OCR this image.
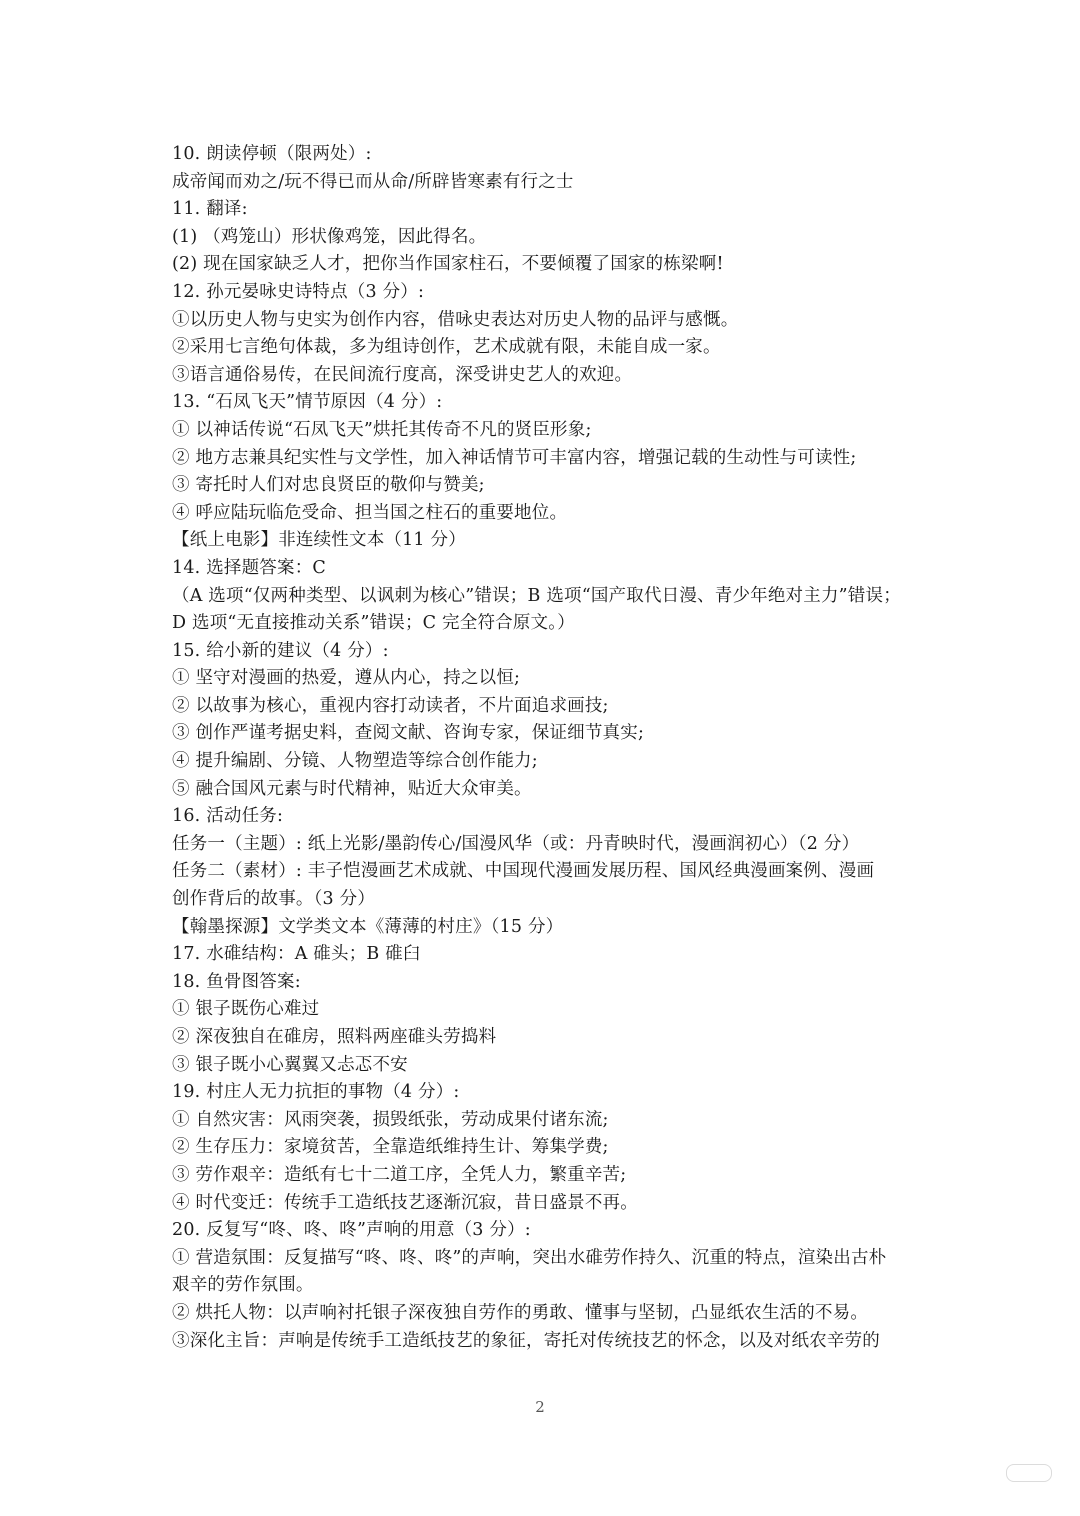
10. 朗读停顿（限两处）:
成帝闻而劝之/玩不得已而从命/所辟皆寒素有行之士
11. 翻译:
(1) （鸡笼山）形状像鸡笼，因此得名。
(2) 现在国家缺乏人才，把你当作国家柱石，不要倾覆了国家的栋梁啊!
12. 孙元晏咏史诗特点（3 分）:
①以历史人物与史实为创作内容，借咏史表达对历史人物的品评与感慨。
②采用七言绝句体裁，多为组诗创作，艺术成就有限，未能自成一家。
③语言通俗易传，在民间流行度高，深受讲史艺人的欢迎。
13. “石凤飞天”情节原因（4 分）:
① 以神话传说“石凤飞天”烘托其传奇不凡的贤臣形象;
② 地方志兼具纪实性与文学性，加入神话情节可丰富内容，增强记载的生动性与可读性;
③ 寄托时人们对忠良贤臣的敬仰与赞美;
④ 呼应陆玩临危受命、担当国之柱石的重要地位。
【纸上电影】非连续性文本（11 分）
14. 选择题答案：C
（A 选项“仅两种类型、以讽刺为核心”错误；B 选项“国产取代日漫、青少年绝对主力”错误；
D 选项“无直接推动关系”错误；C 完全符合原文。）
15. 给小新的建议（4 分）:
① 坚守对漫画的热爱，遵从内心，持之以恒;
② 以故事为核心，重视内容打动读者，不片面追求画技;
③ 创作严谨考据史料，查阅文献、咨询专家，保证细节真实;
④ 提升编剧、分镜、人物塑造等综合创作能力;
⑤ 融合国风元素与时代精神，贴近大众审美。
16. 活动任务:
任务一（主题）: 纸上光影/墨韵传心/国漫风华（或：丹青映时代，漫画润初心）（2 分）
任务二（素材）: 丰子恺漫画艺术成就、中国现代漫画发展历程、国风经典漫画案例、漫画
创作背后的故事。（3 分）
【翰墨探源】文学类文本《薄薄的村庄》（15 分）
17. 水碓结构：A 碓头；B 碓臼
18. 鱼骨图答案:
① 银子既伤心难过
② 深夜独自在碓房，照料两座碓头劳捣料
③ 银子既小心翼翼又忐忑不安
19. 村庄人无力抗拒的事物（4 分）:
① 自然灾害：风雨突袭，损毁纸张，劳动成果付诸东流;
② 生存压力：家境贫苦，全靠造纸维持生计、筹集学费;
③ 劳作艰辛：造纸有七十二道工序，全凭人力，繁重辛苦;
④ 时代变迁：传统手工造纸技艺逐渐沉寂，昔日盛景不再。
20. 反复写“咚、咚、咚”声响的用意（3 分）:
① 营造氛围：反复描写“咚、咚、咚”的声响，突出水碓劳作持久、沉重的特点，渲染出古朴
艰辛的劳作氛围。
② 烘托人物：以声响衬托银子深夜独自劳作的勇敢、懂事与坚韧，凸显纸农生活的不易。
③深化主旨：声响是传统手工造纸技艺的象征，寄托对传统技艺的怀念，以及对纸农辛劳的
2
